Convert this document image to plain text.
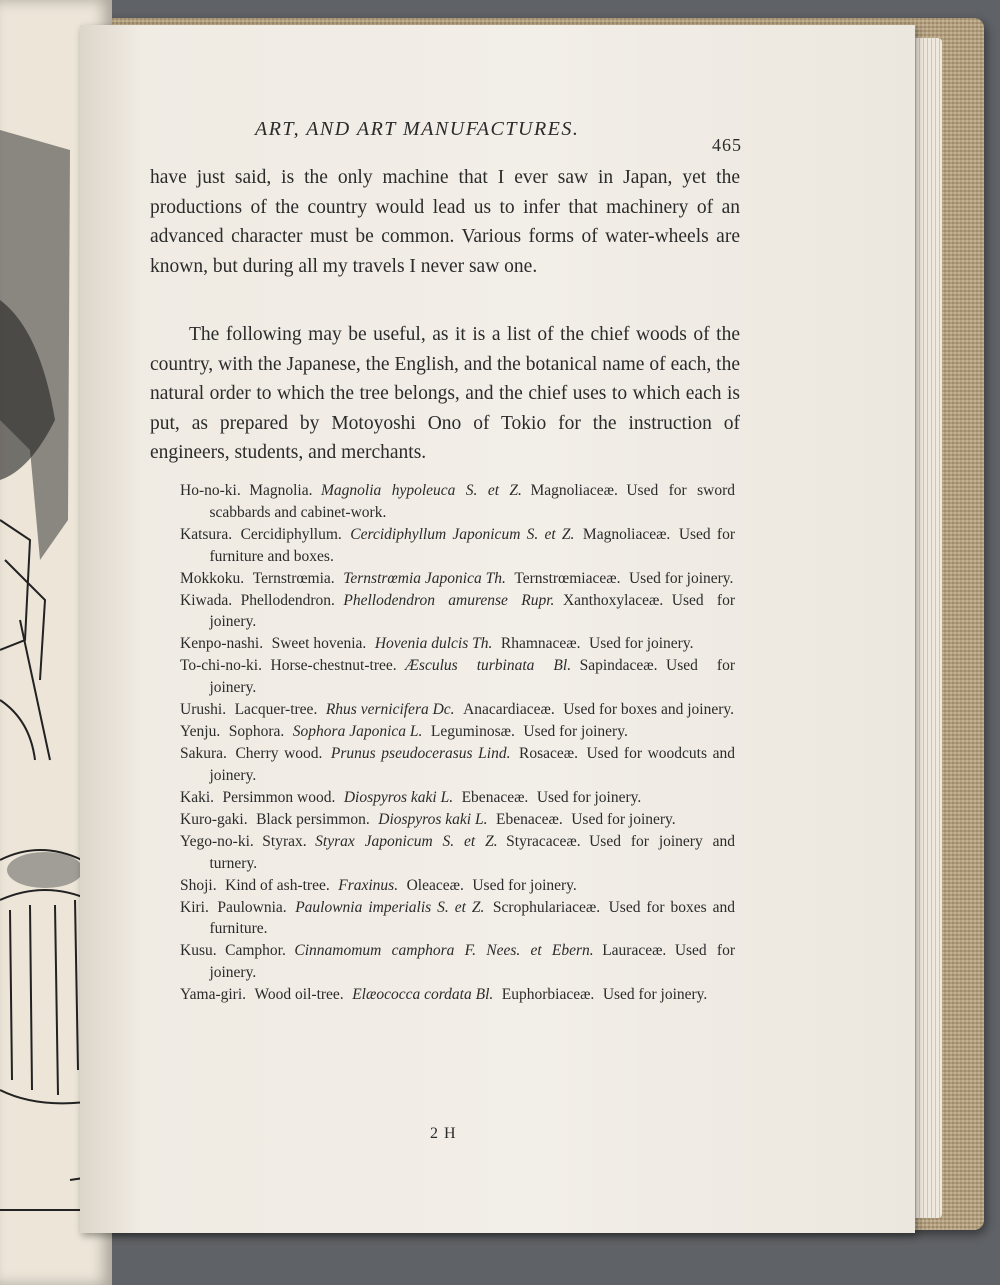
ART, AND ART MANUFACTURES.
465

have just said, is the only machine that I ever saw in Japan, yet the productions of the country would lead us to infer that machinery of an advanced character must be common. Various forms of water-wheels are known, but during all my travels I never saw one.

The following may be useful, as it is a list of the chief woods of the country, with the Japanese, the English, and the botanical name of each, the natural order to which the tree belongs, and the chief uses to which each is put, as prepared by Motoyoshi Ono of Tokio for the instruction of engineers, students, and merchants.

Ho-no-ki. Magnolia. Magnolia hypoleuca S. et Z. Magnoliaceæ. Used for sword scabbards and cabinet-work.
Katsura. Cercidiphyllum. Cercidiphyllum Japonicum S. et Z. Magnoliaceæ. Used for furniture and boxes.
Mokkoku. Ternstrœmia. Ternstrœmia Japonica Th. Ternstrœmiaceæ. Used for joinery.
Kiwada. Phellodendron. Phellodendron amurense Rupr. Xanthoxylaceæ. Used for joinery.
Kenpo-nashi. Sweet hovenia. Hovenia dulcis Th. Rhamnaceæ. Used for joinery.
To-chi-no-ki. Horse-chestnut-tree. Æsculus turbinata Bl. Sapindaceæ. Used for joinery.
Urushi. Lacquer-tree. Rhus vernicifera Dc. Anacardiaceæ. Used for boxes and joinery.
Yenju. Sophora. Sophora Japonica L. Leguminosæ. Used for joinery.
Sakura. Cherry wood. Prunus pseudocerasus Lind. Rosaceæ. Used for woodcuts and joinery.
Kaki. Persimmon wood. Diospyros kaki L. Ebenaceæ. Used for joinery.
Kuro-gaki. Black persimmon. Diospyros kaki L. Ebenaceæ. Used for joinery.
Yego-no-ki. Styrax. Styrax Japonicum S. et Z. Styracaceæ. Used for joinery and turnery.
Shoji. Kind of ash-tree. Fraxinus. Oleaceæ. Used for joinery.
Kiri. Paulownia. Paulownia imperialis S. et Z. Scrophulariaceæ. Used for boxes and furniture.
Kusu. Camphor. Cinnamomum camphora F. Nees. et Ebern. Lauraceæ. Used for joinery.
Yama-giri. Wood oil-tree. Elæococca cordata Bl. Euphorbiaceæ. Used for joinery.
2 H
